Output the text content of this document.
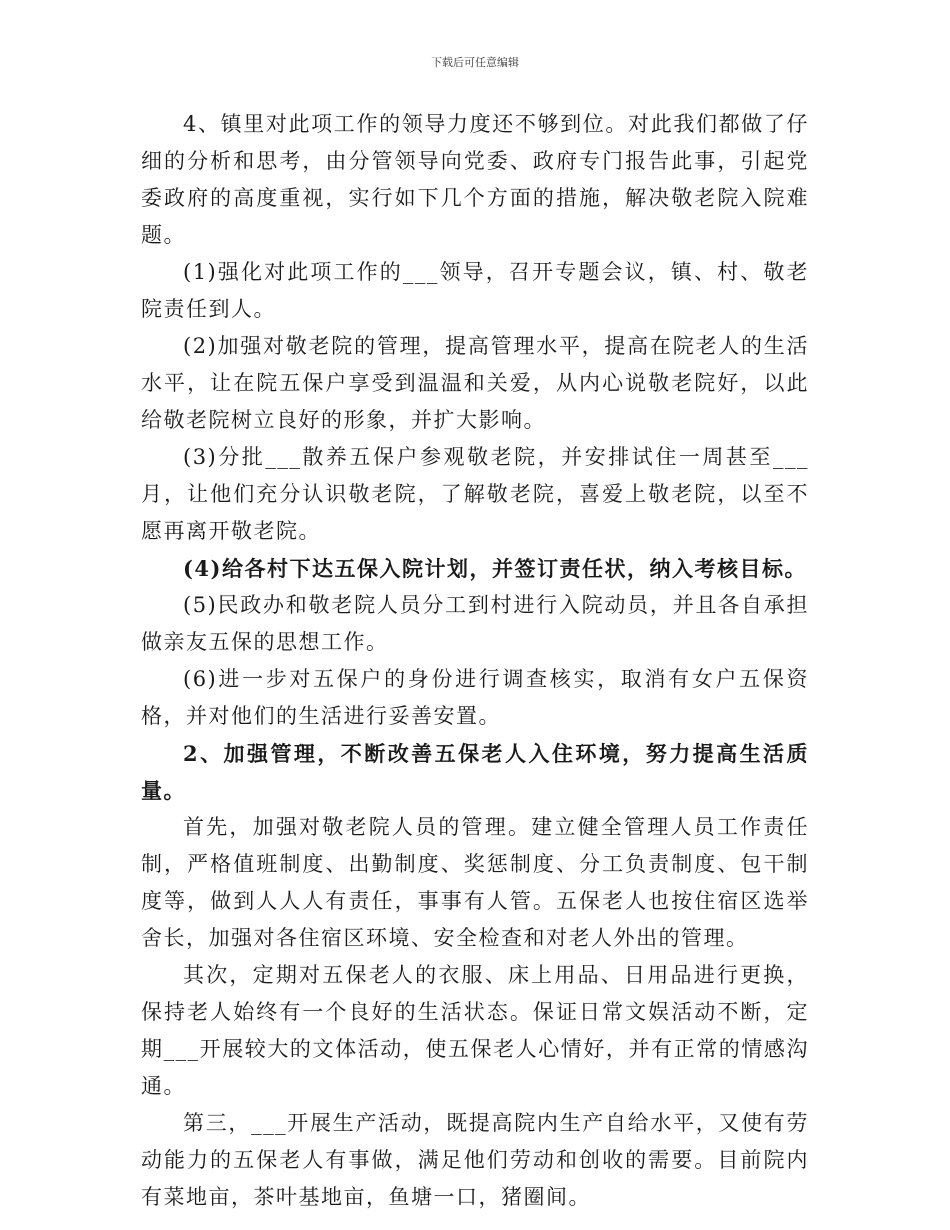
下载后可任意编辑

4、镇里对此项工作的领导力度还不够到位。对此我们都做了仔细的分析和思考，由分管领导向党委、政府专门报告此事，引起党委政府的高度重视，实行如下几个方面的措施，解决敬老院入院难题。

(1)强化对此项工作的___领导，召开专题会议，镇、村、敬老院责任到人。

(2)加强对敬老院的管理，提高管理水平，提高在院老人的生活水平，让在院五保户享受到温温和关爱，从内心说敬老院好，以此给敬老院树立良好的形象，并扩大影响。

(3)分批___散养五保户参观敬老院，并安排试住一周甚至___月，让他们充分认识敬老院，了解敬老院，喜爱上敬老院，以至不愿再离开敬老院。

(4)给各村下达五保入院计划，并签订责任状，纳入考核目标。

(5)民政办和敬老院人员分工到村进行入院动员，并且各自承担做亲友五保的思想工作。

(6)进一步对五保户的身份进行调查核实，取消有女户五保资格，并对他们的生活进行妥善安置。

2、加强管理，不断改善五保老人入住环境，努力提高生活质量。

首先，加强对敬老院人员的管理。建立健全管理人员工作责任制，严格值班制度、出勤制度、奖惩制度、分工负责制度、包干制度等，做到人人人有责任，事事有人管。五保老人也按住宿区选举舍长，加强对各住宿区环境、安全检查和对老人外出的管理。

其次，定期对五保老人的衣服、床上用品、日用品进行更换，保持老人始终有一个良好的生活状态。保证日常文娱活动不断，定期___开展较大的文体活动，使五保老人心情好，并有正常的情感沟通。

第三，___开展生产活动，既提高院内生产自给水平，又使有劳动能力的五保老人有事做，满足他们劳动和创收的需要。目前院内有菜地亩，茶叶基地亩，鱼塘一口，猪圈间。
